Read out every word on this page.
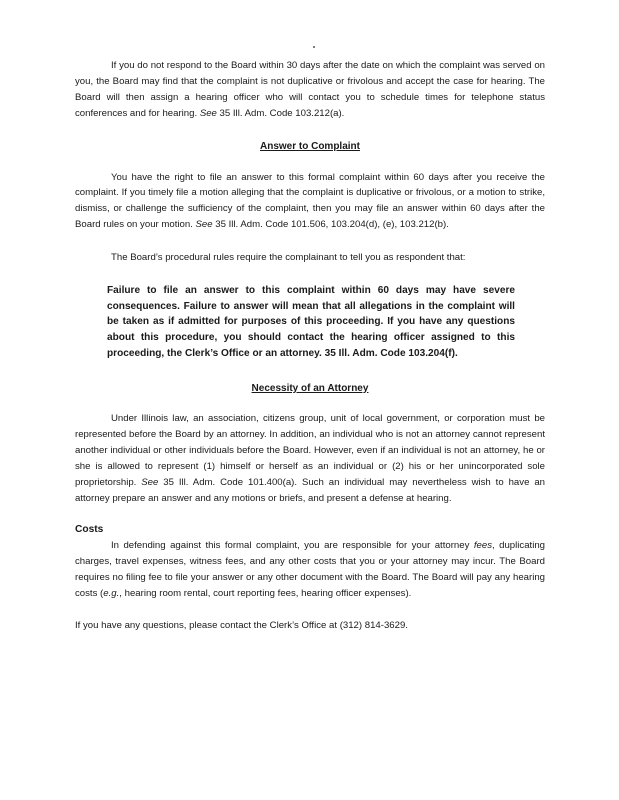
If you do not respond to the Board within 30 days after the date on which the complaint was served on you, the Board may find that the complaint is not duplicative or frivolous and accept the case for hearing. The Board will then assign a hearing officer who will contact you to schedule times for telephone status conferences and for hearing. See 35 Ill. Adm. Code 103.212(a).

Answer to Complaint

You have the right to file an answer to this formal complaint within 60 days after you receive the complaint. If you timely file a motion alleging that the complaint is duplicative or frivolous, or a motion to strike, dismiss, or challenge the sufficiency of the complaint, then you may file an answer within 60 days after the Board rules on your motion. See 35 Ill. Adm. Code 101.506, 103.204(d), (e), 103.212(b).

The Board’s procedural rules require the complainant to tell you as respondent that:

Failure to file an answer to this complaint within 60 days may have severe consequences. Failure to answer will mean that all allegations in the complaint will be taken as if admitted for purposes of this proceeding. If you have any questions about this procedure, you should contact the hearing officer assigned to this proceeding, the Clerk’s Office or an attorney. 35 Ill. Adm. Code 103.204(f).

Necessity of an Attorney

Under Illinois law, an association, citizens group, unit of local government, or corporation must be represented before the Board by an attorney. In addition, an individual who is not an attorney cannot represent another individual or other individuals before the Board. However, even if an individual is not an attorney, he or she is allowed to represent (1) himself or herself as an individual or (2) his or her unincorporated sole proprietorship. See 35 Ill. Adm. Code 101.400(a). Such an individual may nevertheless wish to have an attorney prepare an answer and any motions or briefs, and present a defense at hearing.

Costs

In defending against this formal complaint, you are responsible for your attorney fees, duplicating charges, travel expenses, witness fees, and any other costs that you or your attorney may incur. The Board requires no filing fee to file your answer or any other document with the Board. The Board will pay any hearing costs (e.g., hearing room rental, court reporting fees, hearing officer expenses).

If you have any questions, please contact the Clerk’s Office at (312) 814-3629.
